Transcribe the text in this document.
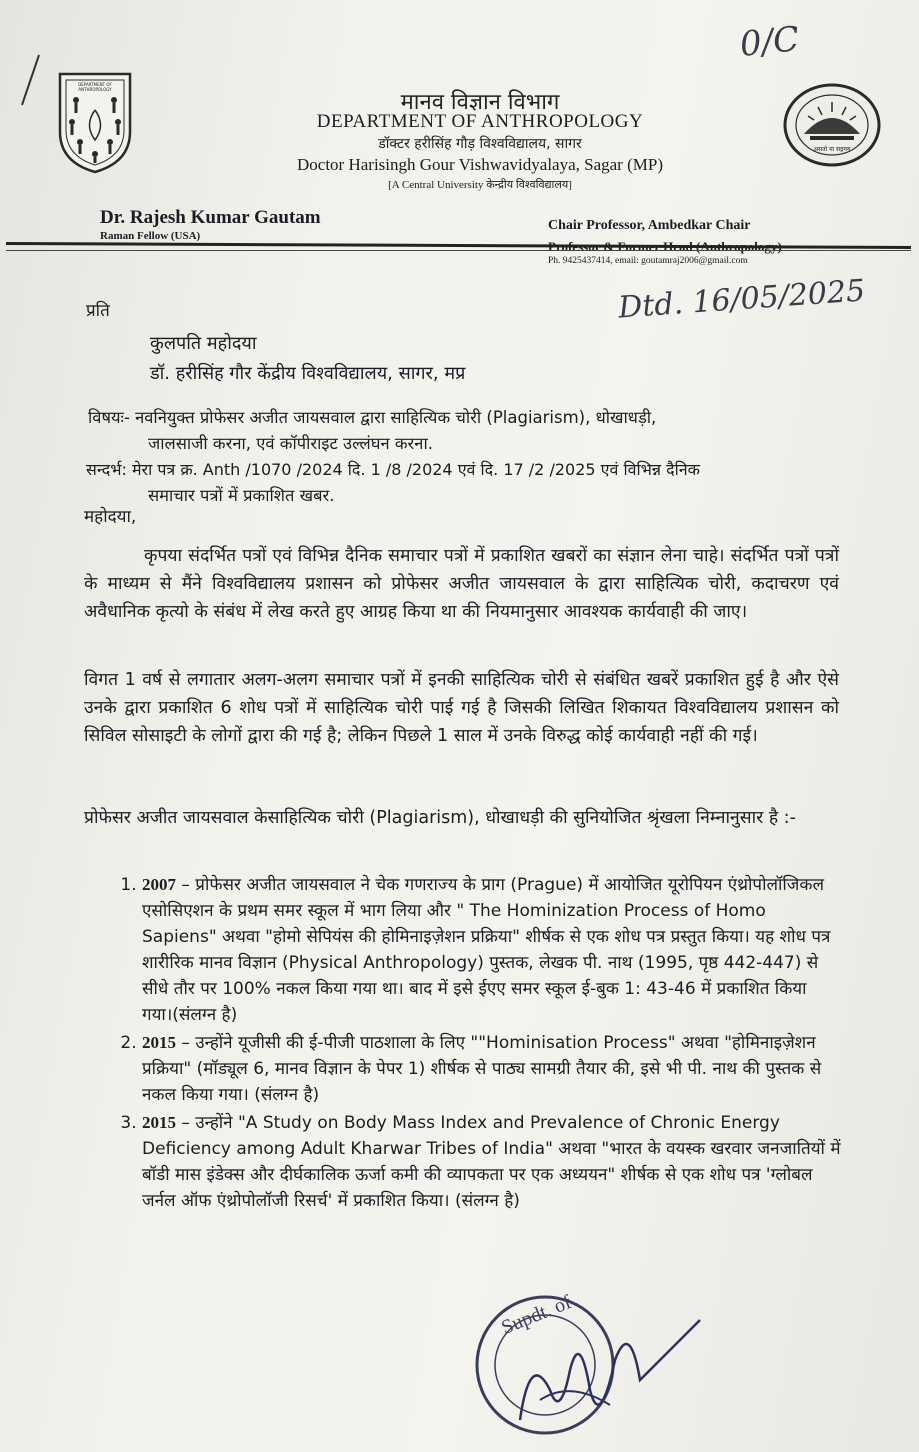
0/C
DEPARTMENT OF ANTHROPOLOGY
असतो मा सद्गमय
मानव विज्ञान विभाग
DEPARTMENT OF ANTHROPOLOGY
डॉक्टर हरीसिंह गौड़ विश्वविद्यालय, सागर
Doctor Harisingh Gour Vishwavidyalaya, Sagar (MP)
[A Central University केन्द्रीय विश्वविद्यालय]
Dr. Rajesh Kumar Gautam
Raman Fellow (USA)
Chair Professor, Ambedkar Chair
Ph. 9425437414, email: goutamraj2006@gmail.com
Dtd. 16/05/2025
प्रति
कुलपति महोदया
डॉ. हरीसिंह गौर केंद्रीय विश्वविद्यालय, सागर, मप्र
विषयः- नवनियुक्त प्रोफेसर अजीत जायसवाल द्वारा साहित्यिक चोरी (Plagiarism), धोखाधड़ी,
जालसाजी करना, एवं कॉपीराइट उल्लंघन करना.
सन्दर्भ: मेरा पत्र क्र. Anth /1070 /2024 दि. 1 /8 /2024 एवं दि. 17 /2 /2025 एवं विभिन्न दैनिक
समाचार पत्रों में प्रकाशित खबर.
महोदया,
कृपया संदर्भित पत्रों एवं विभिन्न दैनिक समाचार पत्रों में प्रकाशित खबरों का संज्ञान लेना चाहे। संदर्भित पत्रों पत्रों के माध्यम से मैंने विश्वविद्यालय प्रशासन को प्रोफेसर अजीत जायसवाल के द्वारा साहित्यिक चोरी, कदाचरण एवं अवैधानिक कृत्यो के संबंध में लेख करते हुए आग्रह किया था की नियमानुसार आवश्यक कार्यवाही की जाए।
विगत 1 वर्ष से लगातार अलग-अलग समाचार पत्रों में इनकी साहित्यिक चोरी से संबंधित खबरें प्रकाशित हुई है और ऐसे उनके द्वारा प्रकाशित 6 शोध पत्रों में साहित्यिक चोरी पाई गई है जिसकी लिखित शिकायत विश्वविद्यालय प्रशासन को सिविल सोसाइटी के लोगों द्वारा की गई है; लेकिन पिछले 1 साल में उनके विरुद्ध कोई कार्यवाही नहीं की गई।
प्रोफेसर अजीत जायसवाल केसाहित्यिक चोरी (Plagiarism), धोखाधड़ी की सुनियोजित श्रृंखला निम्नानुसार है :-
1. 2007 – प्रोफेसर अजीत जायसवाल ने चेक गणराज्य के प्राग (Prague) में आयोजित यूरोपियन एंथ्रोपोलॉजिकल एसोसिएशन के प्रथम समर स्कूल में भाग लिया और " The Hominization Process of Homo Sapiens" अथवा "होमो सेपियंस की होमिनाइज़ेशन प्रक्रिया" शीर्षक से एक शोध पत्र प्रस्तुत किया। यह शोध पत्र शारीरिक मानव विज्ञान (Physical Anthropology) पुस्तक, लेखक पी. नाथ (1995, पृष्ठ 442-447) से सीधे तौर पर 100% नकल किया गया था। बाद में इसे ईएए समर स्कूल ई-बुक 1: 43-46 में प्रकाशित किया गया।(संलग्न है)
2. 2015 – उन्होंने यूजीसी की ई-पीजी पाठशाला के लिए ""Hominisation Process" अथवा "होमिनाइज़ेशन प्रक्रिया" (मॉड्यूल 6, मानव विज्ञान के पेपर 1) शीर्षक से पाठ्य सामग्री तैयार की, इसे भी पी. नाथ की पुस्तक से नकल किया गया। (संलग्न है)
3. 2015 – उन्होंने "A Study on Body Mass Index and Prevalence of Chronic Energy Deficiency among Adult Kharwar Tribes of India" अथवा "भारत के वयस्क खरवार जनजातियों में बॉडी मास इंडेक्स और दीर्घकालिक ऊर्जा कमी की व्यापकता पर एक अध्ययन" शीर्षक से एक शोध पत्र 'ग्लोबल जर्नल ऑफ एंथ्रोपोलॉजी रिसर्च' में प्रकाशित किया। (संलग्न है)
Supdt. of
